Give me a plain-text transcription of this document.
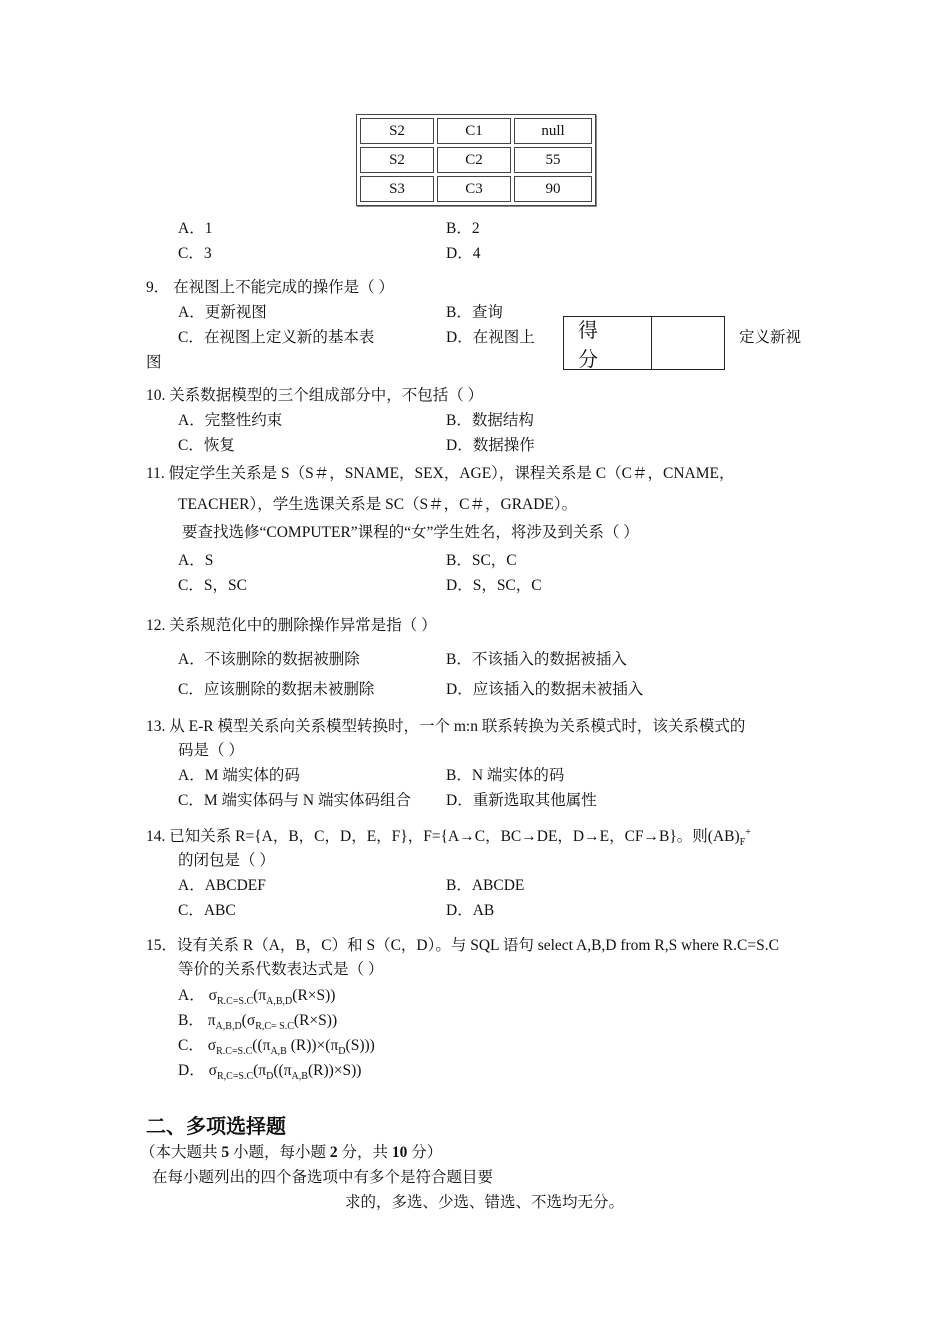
S2	C1	null
S2	C2	55
S3	C3	90
A．1	B．2
C．3	D．4
9． 在视图上不能完成的操作是（ ）
A．更新视图	B．查询
C．在视图上定义新的基本表	D．在视图上	定义新视
图
得 分
10. 关系数据模型的三个组成部分中，不包括（ ）
A．完整性约束	B．数据结构
C．恢复	D．数据操作
11. 假定学生关系是 S（S＃，SNAME，SEX，AGE），课程关系是 C（C＃，CNAME，
TEACHER），学生选课关系是 SC（S＃，C＃，GRADE）。
要查找选修“COMPUTER”课程的“女”学生姓名，将涉及到关系（ ）
A．S	B．SC，C
C．S，SC	D．S，SC，C
12. 关系规范化中的删除操作异常是指（ ）
A．不该删除的数据被删除	B．不该插入的数据被插入
C．应该删除的数据未被删除	D．应该插入的数据未被插入
13. 从 E-R 模型关系向关系模型转换时，一个 m:n 联系转换为关系模式时，该关系模式的
码是（ ）
A．M 端实体的码	B．N 端实体的码
C．M 端实体码与 N 端实体码组合 D．重新选取其他属性
14. 已知关系 R={A，B，C，D，E，F}，F={A→C，BC→DE，D→E，CF→B}。则$(AB)_F^+$
的闭包是（ ）
A．ABCDEF	B．ABCDE
C．ABC	D．AB
15．设有关系 R（A，B，C）和 S（C，D）。与 SQL 语句 select A,B,D from R,S where R.C=S.C
等价的关系代数表达式是（ ）
A． $\sigma_{R.C=S.C}(\pi_{A,B,D}(R\times S))$
B． $\pi_{A,B,D}(\sigma_{R,C= S.C}(R\times S))$
C． $\sigma_{R.C=S.C}((\pi_{A,B}$ $(R))\times(\pi_D(S))$)
D． $\sigma_{R,C=S.C}(\pi_D((\pi_{A,B}(R))\times S))$
二、多项选择题
（本大题共 5 小题，每小题 2 分，共 10 分）
在每小题列出的四个备选项中有多个是符合题目要
求的，多选、少选、错选、不选均无分。
